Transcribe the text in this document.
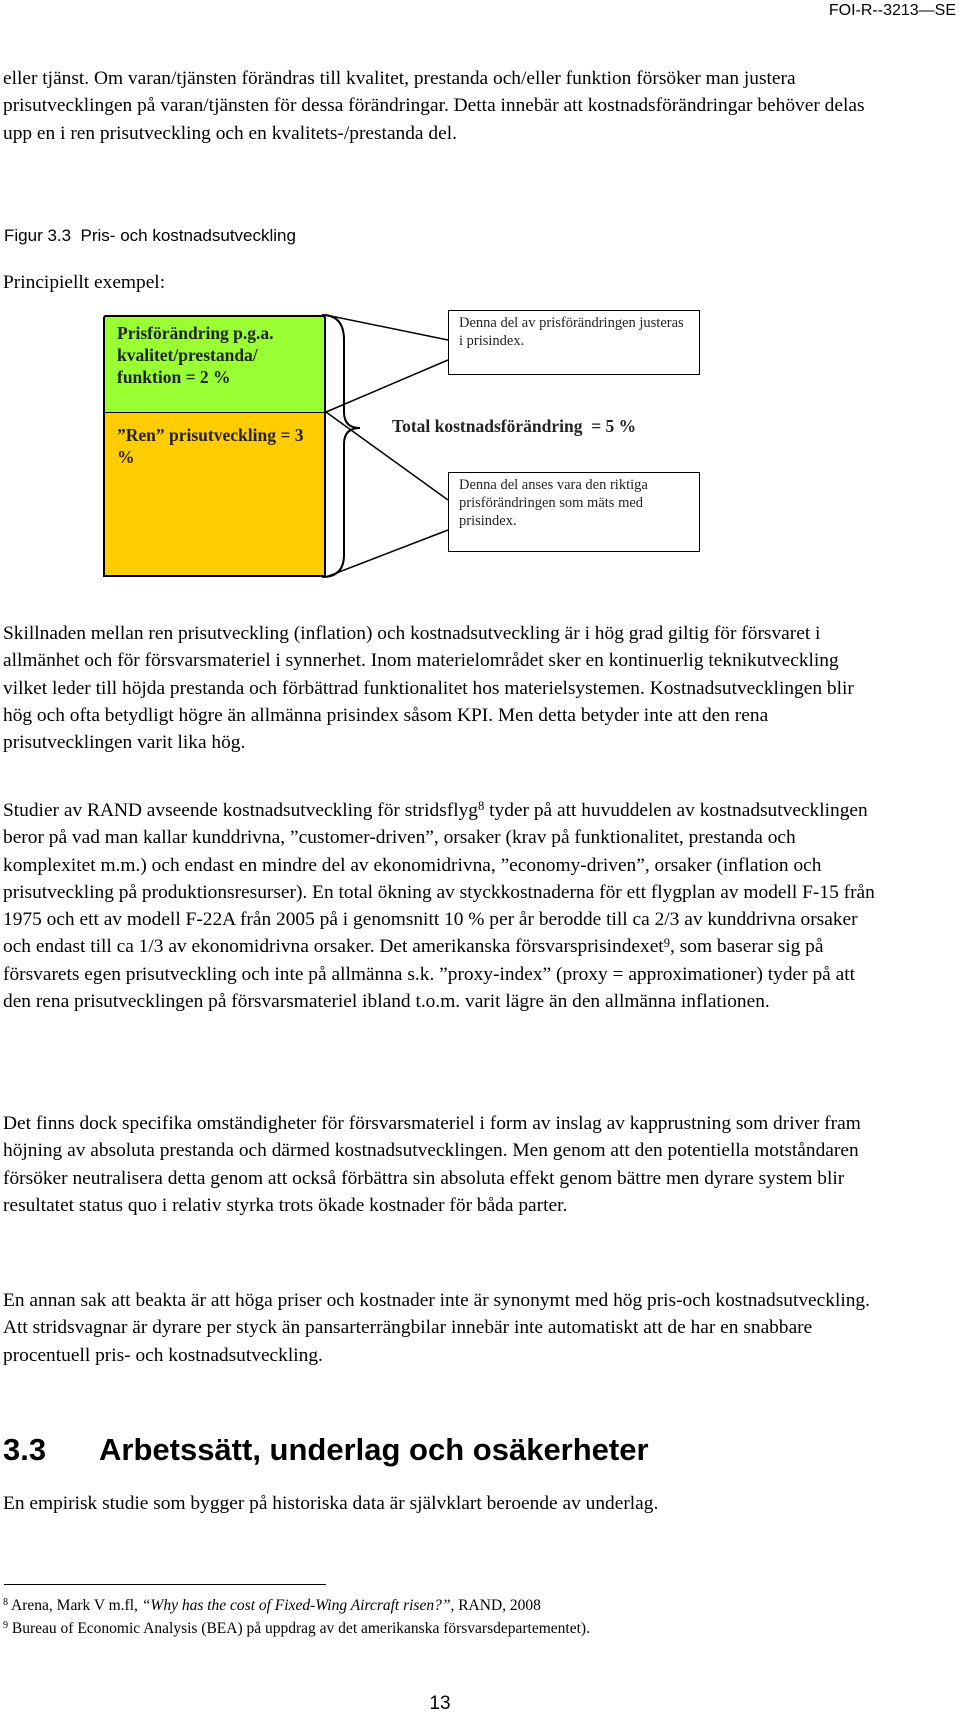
FOI-R--3213—SE

eller tjänst. Om varan/tjänsten förändras till kvalitet, prestanda och/eller funktion försöker man justera prisutvecklingen på varan/tjänsten för dessa förändringar. Detta innebär att kostnadsförändringar behöver delas upp en i ren prisutveckling och en kvalitets-/prestanda del.

Figur 3.3  Pris- och kostnadsutveckling
Principiellt exempel:
Prisförändring p.g.a. kvalitet/prestanda/ funktion = 2 %
”Ren” prisutveckling = 3 %
Total kostnadsförändring  = 5 %
Denna del av prisförändringen justeras i prisindex.
Denna del anses vara den riktiga prisförändringen som mäts med prisindex.

Skillnaden mellan ren prisutveckling (inflation) och kostnadsutveckling är i hög grad giltig för försvaret i allmänhet och för försvarsmateriel i synnerhet. Inom materielområdet sker en kontinuerlig teknikutveckling vilket leder till höjda prestanda och förbättrad funktionalitet hos materielsystemen. Kostnadsutvecklingen blir hög och ofta betydligt högre än allmänna prisindex såsom KPI. Men detta betyder inte att den rena prisutvecklingen varit lika hög.

Studier av RAND avseende kostnadsutveckling för stridsflyg$^8$ tyder på att huvuddelen av kostnadsutvecklingen beror på vad man kallar kunddrivna, ”customer-driven”, orsaker (krav på funktionalitet, prestanda och komplexitet m.m.) och endast en mindre del av ekonomidrivna, ”economy-driven”, orsaker (inflation och prisutveckling på produktionsresurser). En total ökning av styckkostnaderna för ett flygplan av modell F-15 från 1975 och ett av modell F-22A från 2005 på i genomsnitt 10 % per år berodde till ca 2/3 av kunddrivna orsaker och endast till ca 1/3 av ekonomidrivna orsaker. Det amerikanska försvarsprisindexet$^9$, som baserar sig på försvarets egen prisutveckling och inte på allmänna s.k. ”proxy-index” (proxy = approximationer) tyder på att den rena prisutvecklingen på försvarsmateriel ibland t.o.m. varit lägre än den allmänna inflationen.

Det finns dock specifika omständigheter för försvarsmateriel i form av inslag av kapprustning som driver fram höjning av absoluta prestanda och därmed kostnadsutvecklingen. Men genom att den potentiella motståndaren försöker neutralisera detta genom att också förbättra sin absoluta effekt genom bättre men dyrare system blir resultatet status quo i relativ styrka trots ökade kostnader för båda parter.

En annan sak att beakta är att höga priser och kostnader inte är synonymt med hög pris-och kostnadsutveckling. Att stridsvagnar är dyrare per styck än pansarterrängbilar innebär inte automatiskt att de har en snabbare procentuell pris- och kostnadsutveckling.

3.3 Arbetssätt, underlag och osäkerheter

En empirisk studie som bygger på historiska data är självklart beroende av underlag.

$^8$ Arena, Mark V m.fl, “Why has the cost of Fixed-Wing Aircraft risen?”, RAND, 2008
$^9$ Bureau of Economic Analysis (BEA) på uppdrag av det amerikanska försvarsdepartementet).
13
